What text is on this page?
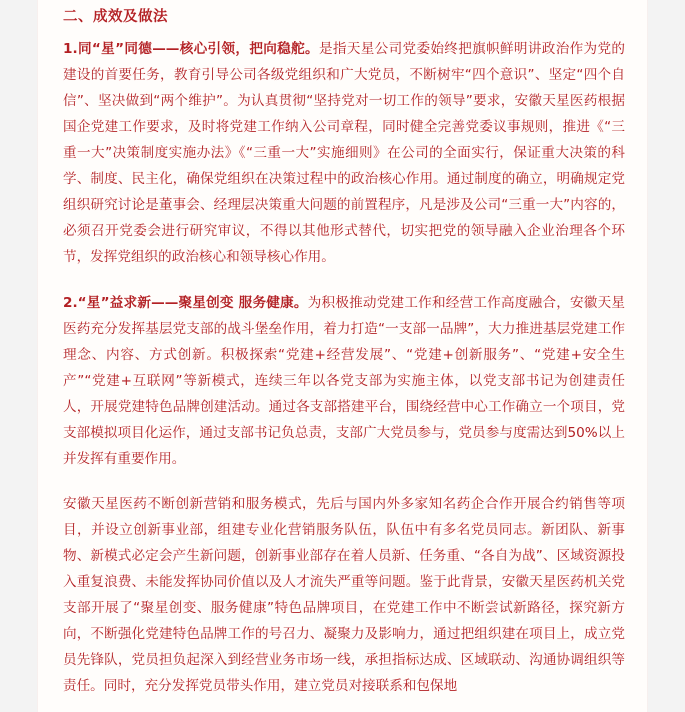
二、成效及做法
1.同“星”同德——核心引领，把向稳舵。是指天星公司党委始终把旗帜鲜明讲政治作为党的建设的首要任务，教育引导公司各级党组织和广大党员，不断树牢“四个意识”、坚定“四个自信”、坚决做到“两个维护”。为认真贯彻“坚持党对一切工作的领导”要求，安徽天星医药根据国企党建工作要求，及时将党建工作纳入公司章程，同时健全完善党委议事规则，推进《“三重一大”决策制度实施办法》《“三重一大”实施细则》在公司的全面实行，保证重大决策的科学、制度、民主化，确保党组织在决策过程中的政治核心作用。通过制度的确立，明确规定党组织研究讨论是董事会、经理层决策重大问题的前置程序，凡是涉及公司“三重一大”内容的，必须召开党委会进行研究审议，不得以其他形式替代，切实把党的领导融入企业治理各个环节，发挥党组织的政治核心和领导核心作用。
2.“星”益求新——聚星创变 服务健康。为积极推动党建工作和经营工作高度融合，安徽天星医药充分发挥基层党支部的战斗堡垒作用，着力打造“一支部一品牌”，大力推进基层党建工作理念、内容、方式创新。积极探索“党建+经营发展”、“党建+创新服务”、“党建+安全生产”“党建+互联网”等新模式，连续三年以各党支部为实施主体，以党支部书记为创建责任人，开展党建特色品牌创建活动。通过各支部搭建平台，围绕经营中心工作确立一个项目，党支部模拟项目化运作，通过支部书记负总责，支部广大党员参与，党员参与度需达到50%以上并发挥有重要作用。
安徽天星医药不断创新营销和服务模式，先后与国内外多家知名药企合作开展合约销售等项目，并设立创新事业部，组建专业化营销服务队伍，队伍中有多名党员同志。新团队、新事物、新模式必定会产生新问题，创新事业部存在着人员新、任务重、“各自为战”、区域资源投入重复浪费、未能发挥协同价值以及人才流失严重等问题。鉴于此背景，安徽天星医药机关党支部开展了“聚星创变、服务健康”特色品牌项目，在党建工作中不断尝试新路径，探究新方向，不断强化党建特色品牌工作的号召力、凝聚力及影响力，通过把组织建在项目上，成立党员先锋队，党员担负起深入到经营业务市场一线，承担指标达成、区域联动、沟通协调组织等责任。同时，充分发挥党员带头作用，建立党员对接联系和包保地
